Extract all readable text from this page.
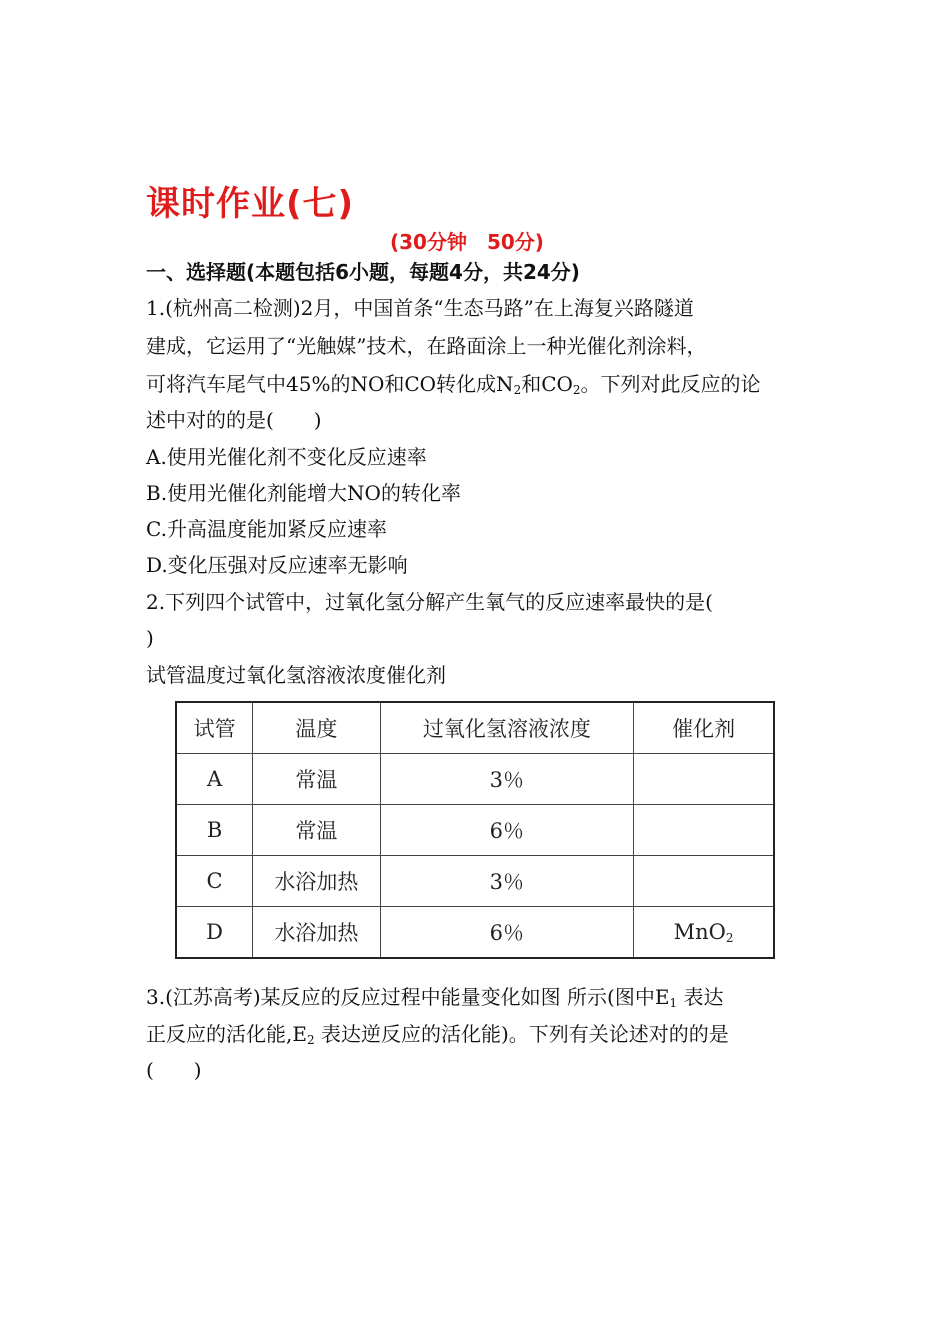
课时作业(七)
(30分钟　50分)
一、选择题(本题包括6小题，每题4分，共24分)
1.(杭州高二检测)2月，中国首条“生态马路”在上海复兴路隧道
建成，它运用了“光触媒”技术，在路面涂上一种光催化剂涂料，
可将汽车尾气中45%的NO和CO转化成$N_2$和$CO_2$。下列对此反应的论
述中对的的是(　　)
A.使用光催化剂不变化反应速率
B.使用光催化剂能增大NO的转化率
C.升高温度能加紧反应速率
D.变化压强对反应速率无影响
2.下列四个试管中，过氧化氢分解产生氧气的反应速率最快的是(
)
试管温度过氧化氢溶液浓度催化剂
试管	温度	过氧化氢溶液浓度	催化剂
A	常温	3％	
B	常温	6％	
C	水浴加热	3％	
D	水浴加热	6％	MnO$_2$
3.(江苏高考)某反应的反应过程中能量变化如图 所示(图中$E_1$ 表达
正反应的活化能$,E_2$ 表达逆反应的活化能)。下列有关论述对的的是
(　　)
